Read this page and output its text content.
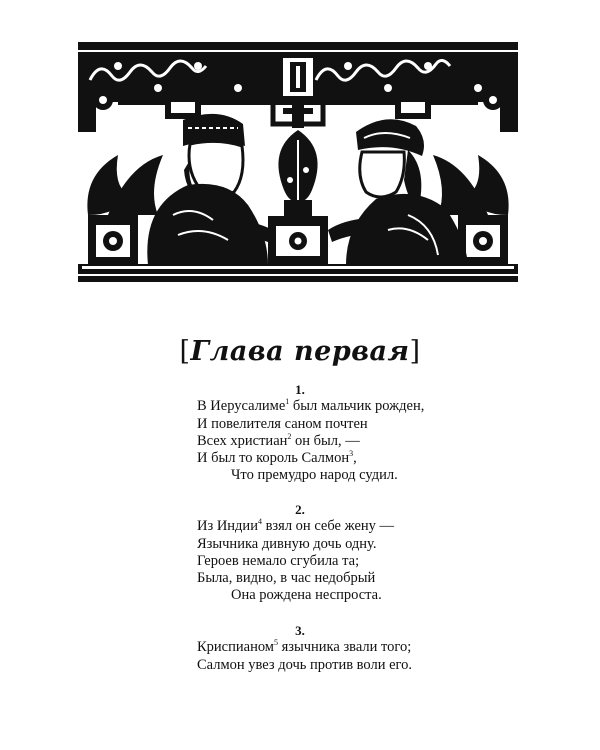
[Глава первая]
1.
В Иерусалиме$^1$ был мальчик рожден,
И повелителя саном почтен
Всех христиан$^2$ он был, —
И был то король Салмон$^3$,
Что премудро народ судил.
2.
Из Индии$^4$ взял он себе жену —
Язычника дивную дочь одну.
Героев немало сгубила та;
Была, видно, в час недобрый
Она рождена неспроста.
3.
Криспианом$^5$ язычника звали того;
Салмон увез дочь против воли его.
